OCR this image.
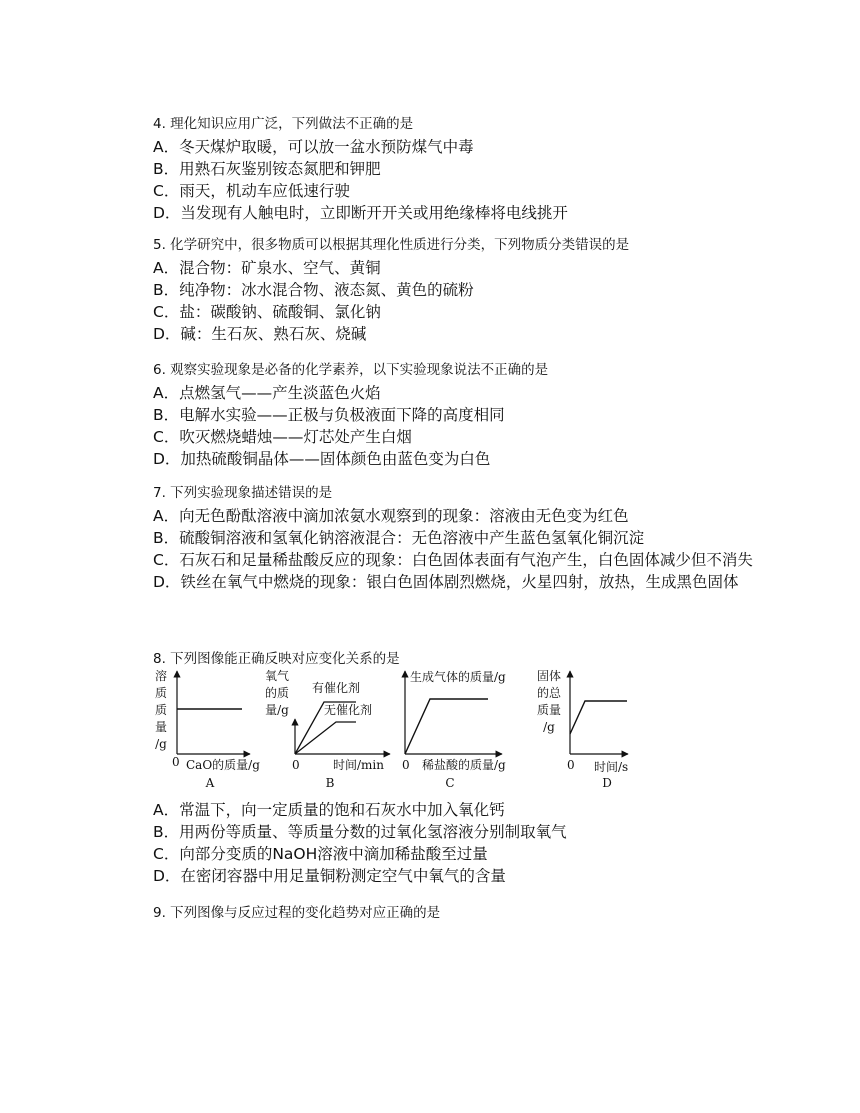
4. 理化知识应用广泛，下列做法不正确的是
A．冬天煤炉取暖，可以放一盆水预防煤气中毒
B．用熟石灰鉴别铵态氮肥和钾肥
C．雨天，机动车应低速行驶
D．当发现有人触电时，立即断开开关或用绝缘棒将电线挑开
5. 化学研究中，很多物质可以根据其理化性质进行分类，下列物质分类错误的是
A．混合物：矿泉水、空气、黄铜
B．纯净物：冰水混合物、液态氮、黄色的硫粉
C．盐：碳酸钠、硫酸铜、氯化钠
D．碱：生石灰、熟石灰、烧碱
6. 观察实验现象是必备的化学素养，以下实验现象说法不正确的是
A．点燃氢气——产生淡蓝色火焰
B．电解水实验——正极与负极液面下降的高度相同
C．吹灭燃烧蜡烛——灯芯处产生白烟
D．加热硫酸铜晶体——固体颜色由蓝色变为白色
7. 下列实验现象描述错误的是
A．向无色酚酞溶液中滴加浓氨水观察到的现象：溶液由无色变为红色
B．硫酸铜溶液和氢氧化钠溶液混合：无色溶液中产生蓝色氢氧化铜沉淀
C．石灰石和足量稀盐酸反应的现象：白色固体表面有气泡产生，白色固体减少但不消失
D．铁丝在氧气中燃烧的现象：银白色固体剧烈燃烧，火星四射，放热，生成黑色固体
8. 下列图像能正确反映对应变化关系的是
溶
质
质
量
/g
0 CaO的质量/g
A
氧气
的质
量/g
有催化剂
无催化剂
0	时间/min
B
生成气体的质量/g
0 稀盐酸的质量/g
C
固体
的总
质量
/g
0 时间/s
D
A．常温下，向一定质量的饱和石灰水中加入氧化钙
B．用两份等质量、等质量分数的过氧化氢溶液分别制取氧气
C．向部分变质的NaOH溶液中滴加稀盐酸至过量
D．在密闭容器中用足量铜粉测定空气中氧气的含量
9. 下列图像与反应过程的变化趋势对应正确的是
